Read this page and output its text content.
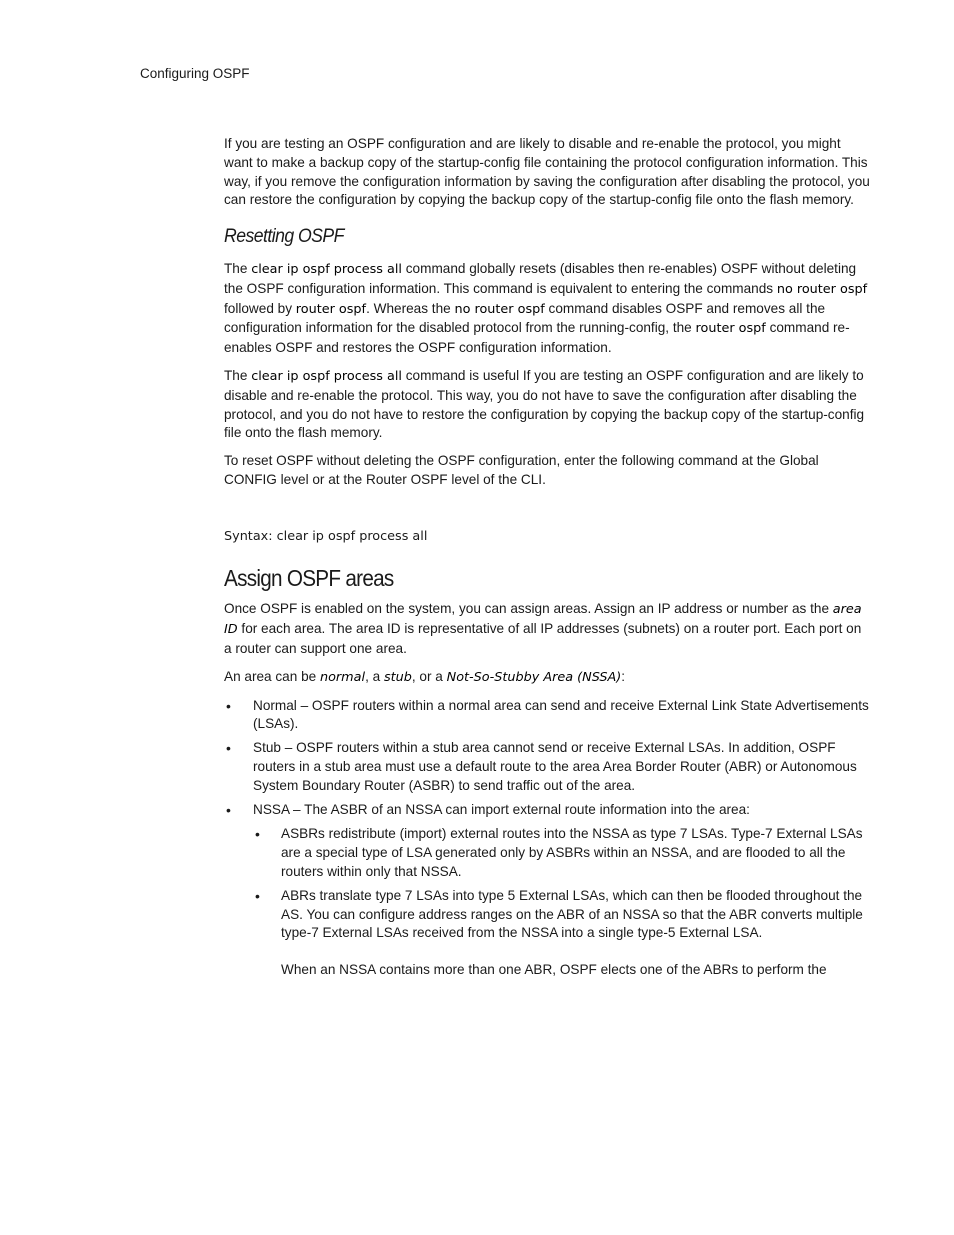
Configuring OSPF

If you are testing an OSPF configuration and are likely to disable and re-enable the protocol, you might want to make a backup copy of the startup-config file containing the protocol configuration information. This way, if you remove the configuration information by saving the configuration after disabling the protocol, you can restore the configuration by copying the backup copy of the startup-config file onto the flash memory.

Resetting OSPF

The clear ip ospf process all command globally resets (disables then re-enables) OSPF without deleting the OSPF configuration information. This command is equivalent to entering the commands no router ospf followed by router ospf. Whereas the no router ospf command disables OSPF and removes all the configuration information for the disabled protocol from the running-config, the router ospf command re-enables OSPF and restores the OSPF configuration information.

The clear ip ospf process all command is useful If you are testing an OSPF configuration and are likely to disable and re-enable the protocol. This way, you do not have to save the configuration after disabling the protocol, and you do not have to restore the configuration by copying the backup copy of the startup-config file onto the flash memory.

To reset OSPF without deleting the OSPF configuration, enter the following command at the Global CONFIG level or at the Router OSPF level of the CLI.

Syntax: clear ip ospf process all

Assign OSPF areas

Once OSPF is enabled on the system, you can assign areas. Assign an IP address or number as the area ID for each area. The area ID is representative of all IP addresses (subnets) on a router port. Each port on a router can support one area.

An area can be normal, a stub, or a Not-So-Stubby Area (NSSA):

• Normal – OSPF routers within a normal area can send and receive External Link State Advertisements (LSAs).
• Stub – OSPF routers within a stub area cannot send or receive External LSAs. In addition, OSPF routers in a stub area must use a default route to the area Area Border Router (ABR) or Autonomous System Boundary Router (ASBR) to send traffic out of the area.
• NSSA – The ASBR of an NSSA can import external route information into the area:
• ASBRs redistribute (import) external routes into the NSSA as type 7 LSAs. Type-7 External LSAs are a special type of LSA generated only by ASBRs within an NSSA, and are flooded to all the routers within only that NSSA.
• ABRs translate type 7 LSAs into type 5 External LSAs, which can then be flooded throughout the AS. You can configure address ranges on the ABR of an NSSA so that the ABR converts multiple type-7 External LSAs received from the NSSA into a single type-5 External LSA.
When an NSSA contains more than one ABR, OSPF elects one of the ABRs to perform the
